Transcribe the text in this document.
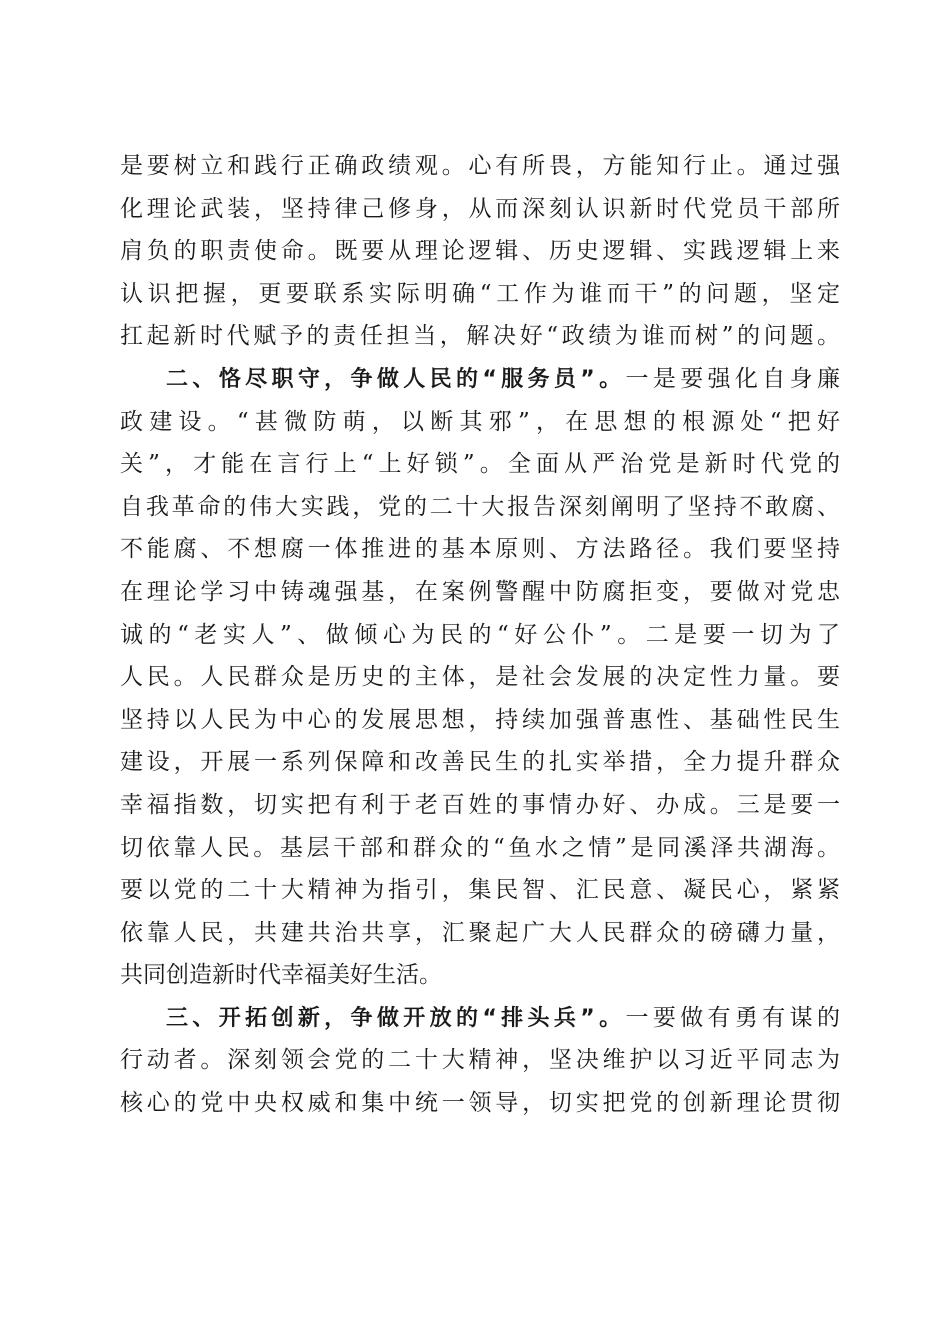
是要树立和践行正确政绩观。心有所畏，方能知行止。通过强
化理论武装，坚持律己修身，从而深刻认识新时代党员干部所
肩负的职责使命。既要从理论逻辑、历史逻辑、实践逻辑上来
认识把握，更要联系实际明确“工作为谁而干”的问题，坚定
扛起新时代赋予的责任担当，解决好“政绩为谁而树”的问题。
二、恪尽职守，争做人民的“服务员”。一是要强化自身廉
政建设。“甚微防萌，以断其邪”，在思想的根源处“把好
关”，才能在言行上“上好锁”。全面从严治党是新时代党的
自我革命的伟大实践，党的二十大报告深刻阐明了坚持不敢腐、
不能腐、不想腐一体推进的基本原则、方法路径。我们要坚持
在理论学习中铸魂强基，在案例警醒中防腐拒变，要做对党忠
诚的“老实人”、做倾心为民的“好公仆”。二是要一切为了
人民。人民群众是历史的主体，是社会发展的决定性力量。要
坚持以人民为中心的发展思想，持续加强普惠性、基础性民生
建设，开展一系列保障和改善民生的扎实举措，全力提升群众
幸福指数，切实把有利于老百姓的事情办好、办成。三是要一
切依靠人民。基层干部和群众的“鱼水之情”是同溪泽共湖海。
要以党的二十大精神为指引，集民智、汇民意、凝民心，紧紧
依靠人民，共建共治共享，汇聚起广大人民群众的磅礴力量，
共同创造新时代幸福美好生活。
三、开拓创新，争做开放的“排头兵”。一要做有勇有谋的
行动者。深刻领会党的二十大精神，坚决维护以习近平同志为
核心的党中央权威和集中统一领导，切实把党的创新理论贯彻
